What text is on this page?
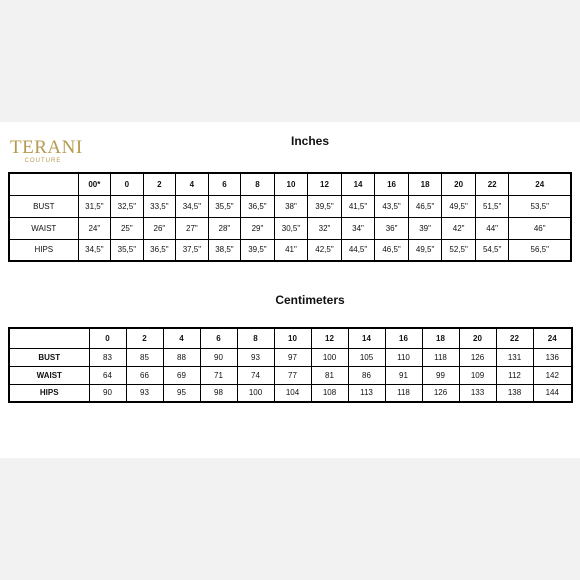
TERANI
COUTURE
Inches
	00*	0	2	4	6	8	10	12	14	16	18	20	22	24
BUST	31,5"	32,5"	33,5"	34,5"	35,5"	36,5"	38"	39,5"	41,5"	43,5"	46,5"	49,5"	51,5"	53,5"
WAIST	24"	25"	26"	27"	28"	29"	30,5"	32"	34"	36"	39"	42"	44"	46"
HIPS	34,5"	35,5"	36,5"	37,5"	38,5"	39,5"	41"	42,5"	44,5"	46,5"	49,5"	52,5"	54,5"	56,5"
Centimeters
	0	2	4	6	8	10	12	14	16	18	20	22	24
BUST	83	85	88	90	93	97	100	105	110	118	126	131	136
WAIST	64	66	69	71	74	77	81	86	91	99	109	112	142
HIPS	90	93	95	98	100	104	108	113	118	126	133	138	144
